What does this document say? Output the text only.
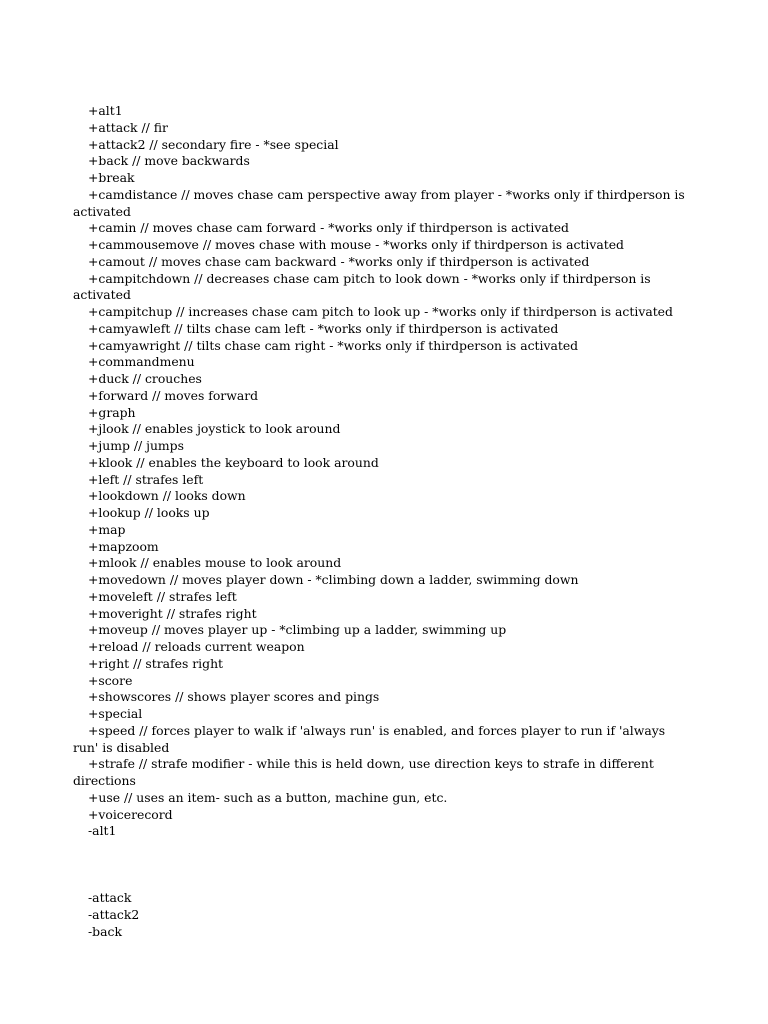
+alt1

+attack // fir

+attack2 // secondary fire - *see special

+back // move backwards

+break

+camdistance // moves chase cam perspective away from player - *works only if thirdperson is activated

+camin // moves chase cam forward - *works only if thirdperson is activated

+cammousemove // moves chase with mouse - *works only if thirdperson is activated

+camout // moves chase cam backward - *works only if thirdperson is activated

+campitchdown // decreases chase cam pitch to look down - *works only if thirdperson is activated

+campitchup // increases chase cam pitch to look up - *works only if thirdperson is activated

+camyawleft // tilts chase cam left - *works only if thirdperson is activated

+camyawright // tilts chase cam right - *works only if thirdperson is activated

+commandmenu

+duck // crouches

+forward // moves forward

+graph

+jlook // enables joystick to look around

+jump // jumps

+klook // enables the keyboard to look around

+left // strafes left

+lookdown // looks down

+lookup // looks up

+map

+mapzoom

+mlook // enables mouse to look around

+movedown // moves player down - *climbing down a ladder, swimming down

+moveleft // strafes left

+moveright // strafes right

+moveup // moves player up - *climbing up a ladder, swimming up

+reload // reloads current weapon

+right // strafes right

+score

+showscores // shows player scores and pings

+special

+speed // forces player to walk if 'always run' is enabled, and forces player to run if 'always run' is disabled

+strafe // strafe modifier - while this is held down, use direction keys to strafe in different directions

+use // uses an item- such as a button, machine gun, etc.

+voicerecord

-alt1

-attack

-attack2

-back
